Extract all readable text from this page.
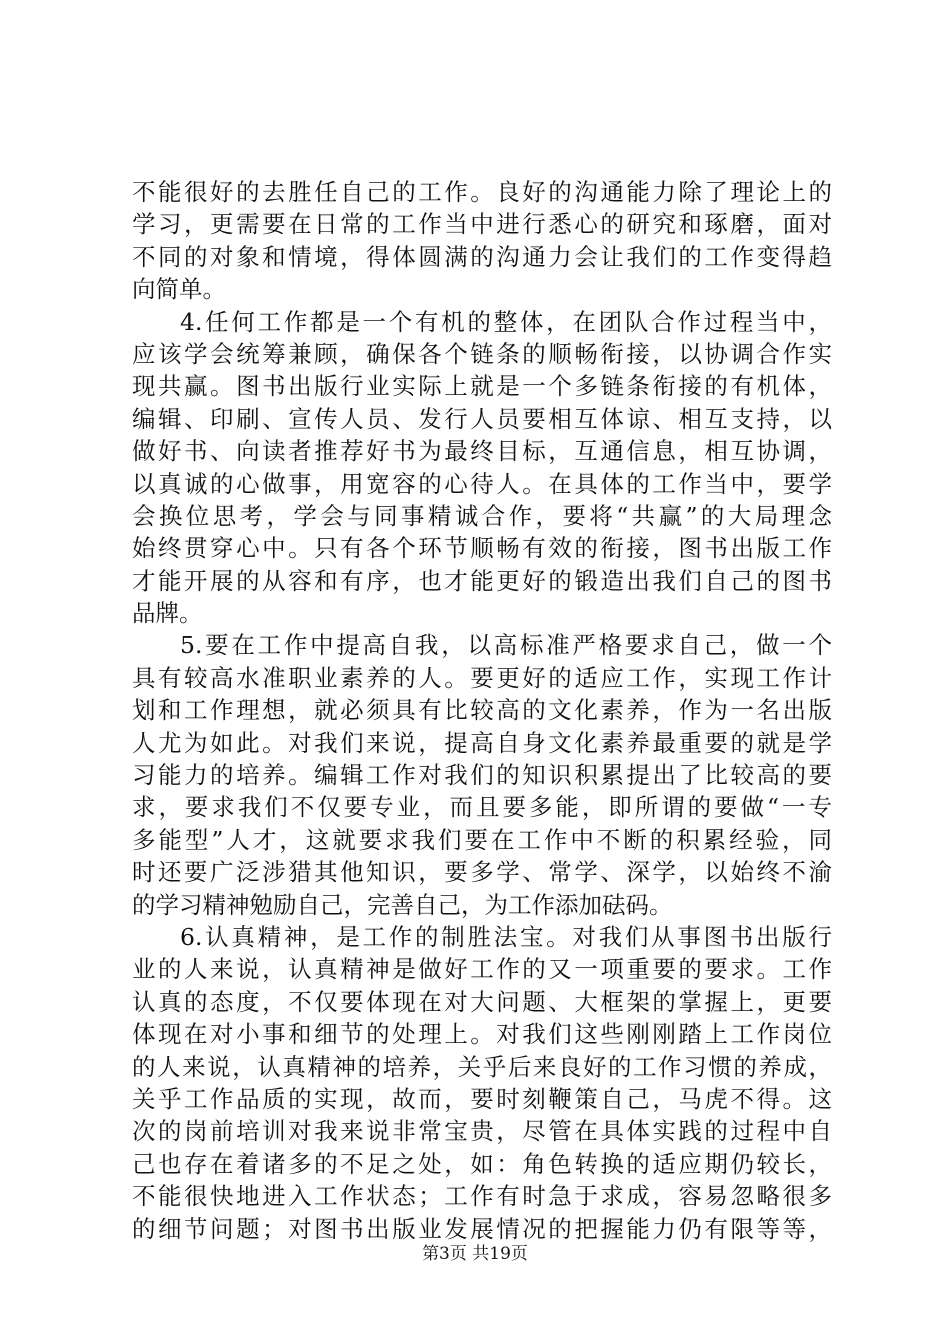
不能很好的去胜任自己的工作。良好的沟通能力除了理论上的
学习，更需要在日常的工作当中进行悉心的研究和琢磨，面对
不同的对象和情境，得体圆满的沟通力会让我们的工作变得趋
向简单。
4.任何工作都是一个有机的整体，在团队合作过程当中，
应该学会统筹兼顾，确保各个链条的顺畅衔接，以协调合作实
现共赢。图书出版行业实际上就是一个多链条衔接的有机体，
编辑、印刷、宣传人员、发行人员要相互体谅、相互支持，以
做好书、向读者推荐好书为最终目标，互通信息，相互协调，
以真诚的心做事，用宽容的心待人。在具体的工作当中，要学
会换位思考，学会与同事精诚合作，要将“共赢”的大局理念
始终贯穿心中。只有各个环节顺畅有效的衔接，图书出版工作
才能开展的从容和有序，也才能更好的锻造出我们自己的图书
品牌。
5.要在工作中提高自我，以高标准严格要求自己，做一个
具有较高水准职业素养的人。要更好的适应工作，实现工作计
划和工作理想，就必须具有比较高的文化素养，作为一名出版
人尤为如此。对我们来说，提高自身文化素养最重要的就是学
习能力的培养。编辑工作对我们的知识积累提出了比较高的要
求，要求我们不仅要专业，而且要多能，即所谓的要做“一专
多能型”人才，这就要求我们要在工作中不断的积累经验，同
时还要广泛涉猎其他知识，要多学、常学、深学，以始终不渝
的学习精神勉励自己，完善自己，为工作添加砝码。
6.认真精神，是工作的制胜法宝。对我们从事图书出版行
业的人来说，认真精神是做好工作的又一项重要的要求。工作
认真的态度，不仅要体现在对大问题、大框架的掌握上，更要
体现在对小事和细节的处理上。对我们这些刚刚踏上工作岗位
的人来说，认真精神的培养，关乎后来良好的工作习惯的养成，
关乎工作品质的实现，故而，要时刻鞭策自己，马虎不得。这
次的岗前培训对我来说非常宝贵，尽管在具体实践的过程中自
己也存在着诸多的不足之处，如：角色转换的适应期仍较长，
不能很快地进入工作状态；工作有时急于求成，容易忽略很多
的细节问题；对图书出版业发展情况的把握能力仍有限等等，
第3页 共19页
